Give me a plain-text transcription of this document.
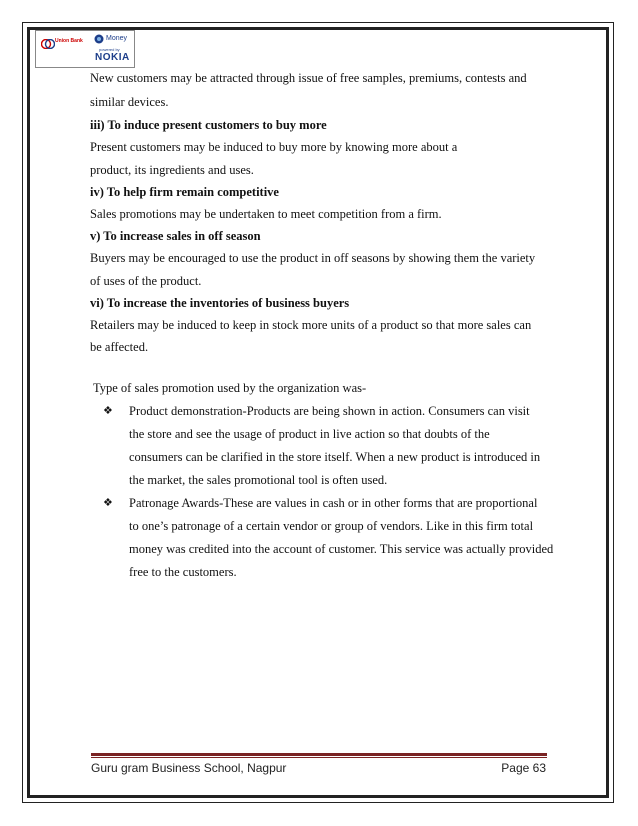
Union Bank	Money
powered by
NOKIA
New customers may be attracted through issue of free samples, premiums, contests and
similar devices.
iii) To induce present customers to buy more
Present customers may be induced to buy more by knowing more about a
product, its ingredients and uses.
iv) To help firm remain competitive
Sales promotions may be undertaken to meet competition from a firm.
v) To increase sales in off season
Buyers may be encouraged to use the product in off seasons by showing them the variety
of uses of the product.
vi) To increase the inventories of business buyers
Retailers may be induced to keep in stock more units of a product so that more sales can
be affected.
Type of sales promotion used by the organization was-
❖ Product demonstration-Products are being shown in action. Consumers can visit
the store and see the usage of product in live action so that doubts of the
consumers can be clarified in the store itself. When a new product is introduced in
the market, the sales promotional tool is often used.
❖ Patronage Awards-These are values in cash or in other forms that are proportional
to one’s patronage of a certain vendor or group of vendors. Like in this firm total
money was credited into the account of customer. This service was actually provided
free to the customers.
Guru gram Business School, Nagpur	Page 63
